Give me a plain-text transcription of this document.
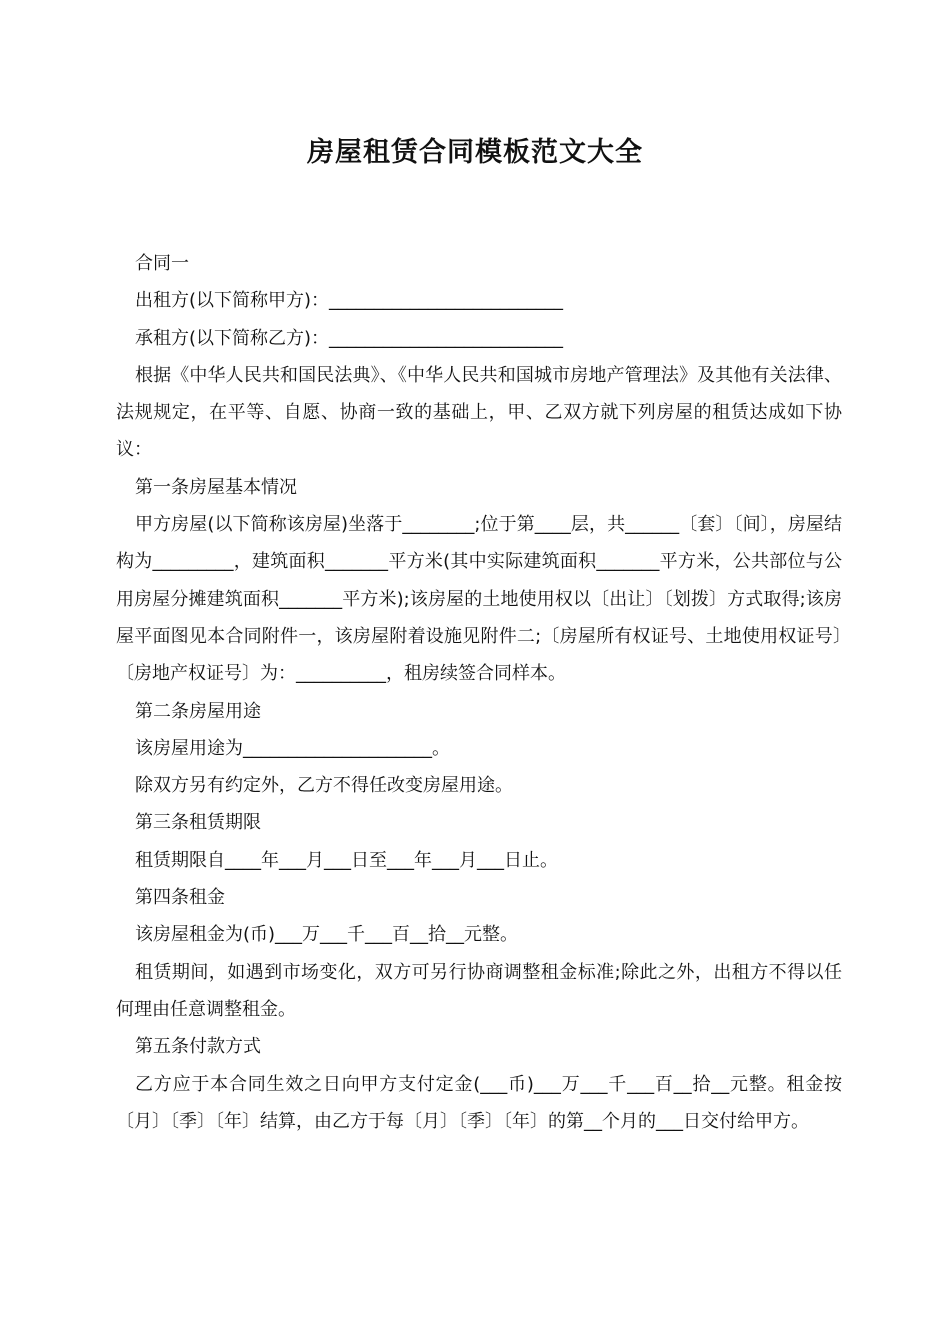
房屋租赁合同模板范文大全

合同一

出租方(以下简称甲方)：__________________________

承租方(以下简称乙方)：__________________________

根据《中华人民共和国民法典》、《中华人民共和国城市房地产管理法》及其他有关法律、法规规定，在平等、自愿、协商一致的基础上，甲、乙双方就下列房屋的租赁达成如下协议：

第一条房屋基本情况

甲方房屋(以下简称该房屋)坐落于________;位于第____层，共______〔套〕〔间〕，房屋结构为_________，建筑面积_______平方米(其中实际建筑面积_______平方米，公共部位与公用房屋分摊建筑面积_______平方米);该房屋的土地使用权以〔出让〕〔划拨〕方式取得;该房屋平面图见本合同附件一，该房屋附着设施见附件二;〔房屋所有权证号、土地使用权证号〕〔房地产权证号〕为：__________，租房续签合同样本。

第二条房屋用途

该房屋用途为_____________________。

除双方另有约定外，乙方不得任改变房屋用途。

第三条租赁期限

租赁期限自____年___月___日至___年___月___日止。

第四条租金

该房屋租金为(币)___万___千___百__拾__元整。

租赁期间，如遇到市场变化，双方可另行协商调整租金标准;除此之外，出租方不得以任何理由任意调整租金。

第五条付款方式

乙方应于本合同生效之日向甲方支付定金(___币)___万___千___百__拾__元整。租金按〔月〕〔季〕〔年〕结算，由乙方于每〔月〕〔季〕〔年〕的第__个月的___日交付给甲方。
